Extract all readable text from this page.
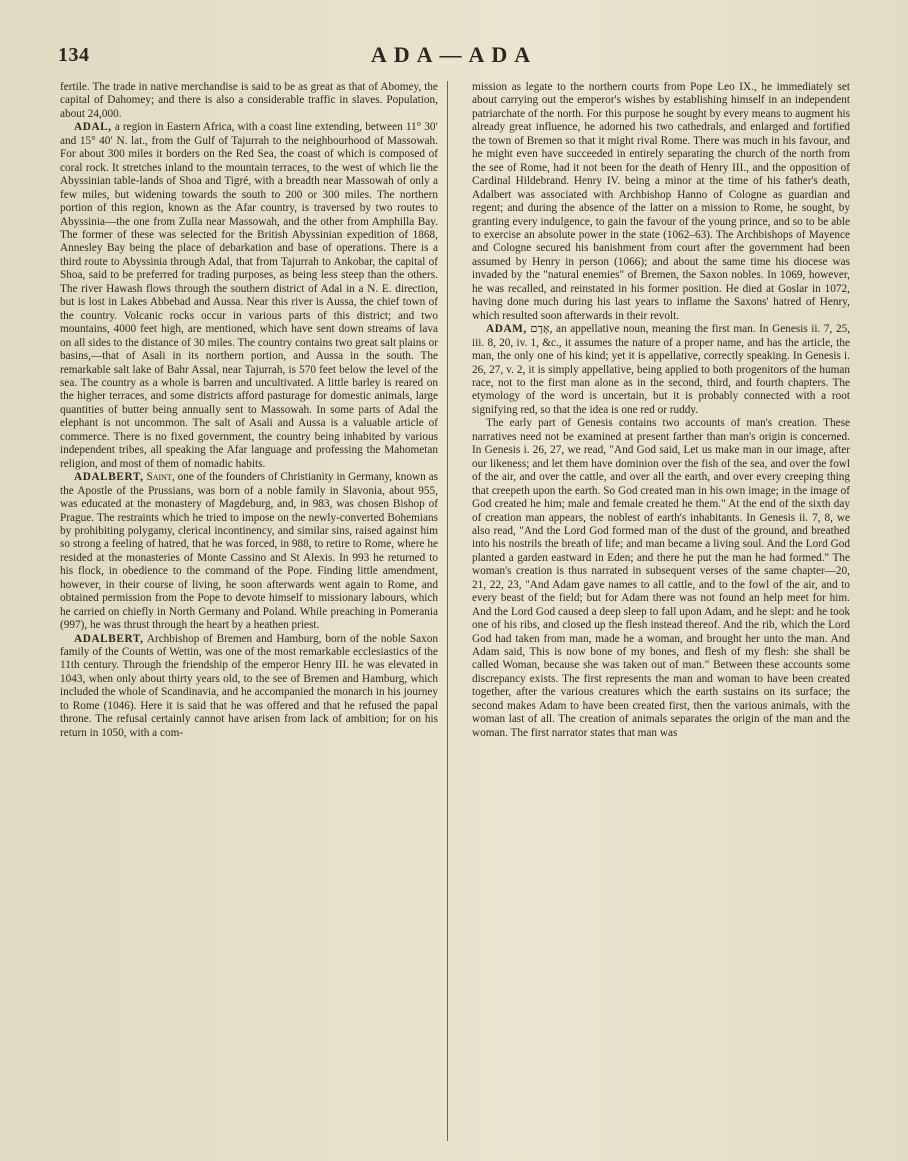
134	ADA—ADA

fertile. The trade in native merchandise is said to be as great as that of Abomey, the capital of Dahomey; and there is also a considerable traffic in slaves. Population, about 24,000.

ADAL, a region in Eastern Africa, with a coast line extending, between 11° 30′ and 15° 40′ N. lat., from the Gulf of Tajurrah to the neighbourhood of Massowah. For about 300 miles it borders on the Red Sea, the coast of which is composed of coral rock. It stretches inland to the mountain terraces, to the west of which lie the Abyssinian table-lands of Shoa and Tigré, with a breadth near Massowah of only a few miles, but widening towards the south to 200 or 300 miles. The northern portion of this region, known as the Afar country, is traversed by two routes to Abyssinia—the one from Zulla near Massowah, and the other from Amphilla Bay. The former of these was selected for the British Abyssinian expedition of 1868, Annesley Bay being the place of debarkation and base of operations. There is a third route to Abyssinia through Adal, that from Tajurrah to Ankobar, the capital of Shoa, said to be preferred for trading purposes, as being less steep than the others. The river Hawash flows through the southern district of Adal in a N. E. direction, but is lost in Lakes Abbebad and Aussa. Near this river is Aussa, the chief town of the country. Volcanic rocks occur in various parts of this district; and two mountains, 4000 feet high, are mentioned, which have sent down streams of lava on all sides to the distance of 30 miles. The country contains two great salt plains or basins,—that of Asali in its northern portion, and Aussa in the south. The remarkable salt lake of Bahr Assal, near Tajurrah, is 570 feet below the level of the sea. The country as a whole is barren and uncultivated. A little barley is reared on the higher terraces, and some districts afford pasturage for domestic animals, large quantities of butter being annually sent to Massowah. In some parts of Adal the elephant is not uncommon. The salt of Asali and Aussa is a valuable article of commerce. There is no fixed government, the country being inhabited by various independent tribes, all speaking the Afar language and professing the Mahometan religion, and most of them of nomadic habits.

ADALBERT, Saint, one of the founders of Christianity in Germany, known as the Apostle of the Prussians, was born of a noble family in Slavonia, about 955, was educated at the monastery of Magdeburg, and, in 983, was chosen Bishop of Prague. The restraints which he tried to impose on the newly-converted Bohemians by prohibiting polygamy, clerical incontinency, and similar sins, raised against him so strong a feeling of hatred, that he was forced, in 988, to retire to Rome, where he resided at the monasteries of Monte Cassino and St Alexis. In 993 he returned to his flock, in obedience to the command of the Pope. Finding little amendment, however, in their course of living, he soon afterwards went again to Rome, and obtained permission from the Pope to devote himself to missionary labours, which he carried on chiefly in North Germany and Poland. While preaching in Pomerania (997), he was thrust through the heart by a heathen priest.

ADALBERT, Archbishop of Bremen and Hamburg, born of the noble Saxon family of the Counts of Wettin, was one of the most remarkable ecclesiastics of the 11th century. Through the friendship of the emperor Henry III. he was elevated in 1043, when only about thirty years old, to the see of Bremen and Hamburg, which included the whole of Scandinavia, and he accompanied the monarch in his journey to Rome (1046). Here it is said that he was offered and that he refused the papal throne. The refusal certainly cannot have arisen from lack of ambition; for on his return in 1050, with a com-

mission as legate to the northern courts from Pope Leo IX., he immediately set about carrying out the emperor's wishes by establishing himself in an independent patriarchate of the north. For this purpose he sought by every means to augment his already great influence, he adorned his two cathedrals, and enlarged and fortified the town of Bremen so that it might rival Rome. There was much in his favour, and he might even have succeeded in entirely separating the church of the north from the see of Rome, had it not been for the death of Henry III., and the opposition of Cardinal Hildebrand. Henry IV. being a minor at the time of his father's death, Adalbert was associated with Archbishop Hanno of Cologne as guardian and regent; and during the absence of the latter on a mission to Rome, he sought, by granting every indulgence, to gain the favour of the young prince, and so to be able to exercise an absolute power in the state (1062–63). The Archbishops of Mayence and Cologne secured his banishment from court after the government had been assumed by Henry in person (1066); and about the same time his diocese was invaded by the "natural enemies" of Bremen, the Saxon nobles. In 1069, however, he was recalled, and reinstated in his former position. He died at Goslar in 1072, having done much during his last years to inflame the Saxons' hatred of Henry, which resulted soon afterwards in their revolt.

ADAM, אָדָם, an appellative noun, meaning the first man. In Genesis ii. 7, 25, iii. 8, 20, iv. 1, &c., it assumes the nature of a proper name, and has the article, the man, the only one of his kind; yet it is appellative, correctly speaking. In Genesis i. 26, 27, v. 2, it is simply appellative, being applied to both progenitors of the human race, not to the first man alone as in the second, third, and fourth chapters. The etymology of the word is uncertain, but it is probably connected with a root signifying red, so that the idea is one red or ruddy.

The early part of Genesis contains two accounts of man's creation. These narratives need not be examined at present farther than man's origin is concerned. In Genesis i. 26, 27, we read, "And God said, Let us make man in our image, after our likeness; and let them have dominion over the fish of the sea, and over the fowl of the air, and over the cattle, and over all the earth, and over every creeping thing that creepeth upon the earth. So God created man in his own image; in the image of God created he him; male and female created he them." At the end of the sixth day of creation man appears, the noblest of earth's inhabitants. In Genesis ii. 7, 8, we also read, "And the Lord God formed man of the dust of the ground, and breathed into his nostrils the breath of life; and man became a living soul. And the Lord God planted a garden eastward in Eden; and there he put the man he had formed." The woman's creation is thus narrated in subsequent verses of the same chapter—20, 21, 22, 23, "And Adam gave names to all cattle, and to the fowl of the air, and to every beast of the field; but for Adam there was not found an help meet for him. And the Lord God caused a deep sleep to fall upon Adam, and he slept: and he took one of his ribs, and closed up the flesh instead thereof. And the rib, which the Lord God had taken from man, made he a woman, and brought her unto the man. And Adam said, This is now bone of my bones, and flesh of my flesh: she shall be called Woman, because she was taken out of man." Between these accounts some discrepancy exists. The first represents the man and woman to have been created together, after the various creatures which the earth sustains on its surface; the second makes Adam to have been created first, then the various animals, with the woman last of all. The creation of animals separates the origin of the man and the woman. The first narrator states that man was
